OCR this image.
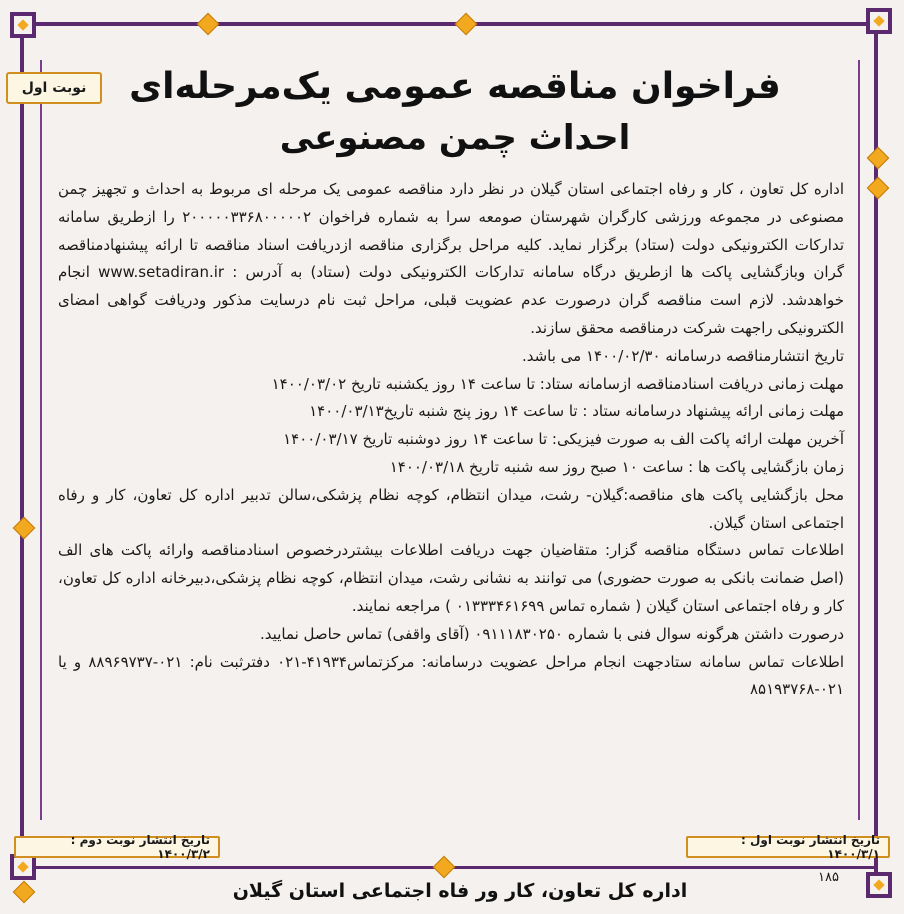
نوبت اول	فراخوان مناقصه عمومی یک‌مرحله‌ای
احداث چمن مصنوعی

اداره کل تعاون ، کار و رفاه اجتماعی استان گیلان در نظر دارد مناقصه عمومی یک مرحله ای مربوط به احداث و تجهیز چمن مصنوعی در مجموعه ورزشی کارگران شهرستان صومعه سرا به شماره فراخوان ۲۰۰۰۰۰۳۳۶۸۰۰۰۰۰۲ را ازطریق سامانه تدارکات الکترونیکی دولت (ستاد) برگزار نماید. کلیه مراحل برگزاری مناقصه ازدریافت اسناد مناقصه تا ارائه پیشنهادمناقصه گران وبازگشایی پاکت ها ازطریق درگاه سامانه تدارکات الکترونیکی دولت (ستاد) به آدرس : www.setadiran.ir انجام خواهدشد. لازم است مناقصه گران درصورت عدم عضویت قبلی، مراحل ثبت نام درسایت مذکور ودریافت گواهی امضای الکترونیکی راجهت شرکت درمناقصه محقق سازند.

تاریخ انتشارمناقصه درسامانه ۱۴۰۰/۰۲/۳۰ می باشد.

مهلت زمانی دریافت اسنادمناقصه ازسامانه ستاد: تا ساعت ۱۴ روز یکشنبه تاریخ ۱۴۰۰/۰۳/۰۲

مهلت زمانی ارائه پیشنهاد درسامانه ستاد : تا ساعت ۱۴ روز پنج شنبه تاریخ۱۴۰۰/۰۳/۱۳

آخرین مهلت ارائه پاکت الف به صورت فیزیکی: تا ساعت ۱۴ روز دوشنبه تاریخ ۱۴۰۰/۰۳/۱۷

زمان بازگشایی پاکت ها : ساعت ۱۰ صبح روز سه شنبه تاریخ ۱۴۰۰/۰۳/۱۸

محل بازگشایی پاکت های مناقصه:گیلان- رشت، میدان انتظام، کوچه نظام پزشکی،سالن تدبیر اداره کل تعاون، کار و رفاه اجتماعی استان گیلان.

اطلاعات تماس دستگاه مناقصه گزار: متقاضیان جهت دریافت اطلاعات بیشتردرخصوص اسنادمناقصه وارائه پاکت های الف (اصل ضمانت بانکی به صورت حضوری) می توانند به نشانی رشت، میدان انتظام، کوچه نظام پزشکی،دبیرخانه اداره کل تعاون، کار و رفاه اجتماعی استان گیلان ( شماره تماس ۰۱۳۳۳۴۶۱۶۹۹ ) مراجعه نمایند.

درصورت داشتن هرگونه سوال فنی با شماره ۰۹۱۱۱۸۳۰۲۵۰ (آقای واقفی) تماس حاصل نمایید.

اطلاعات تماس سامانه ستادجهت انجام مراحل عضویت درسامانه: مرکزتماس۴۱۹۳۴-۰۲۱ دفترثبت نام: ۰۲۱-۸۸۹۶۹۷۳۷ و یا ۰۲۱-۸۵۱۹۳۷۶۸

تاریخ انتشار نوبت اول : ۱۴۰۰/۳/۱
تاریخ انتشار نوبت دوم : ۱۴۰۰/۳/۲
اداره کل تعاون، کار ور فاه اجتماعی استان گیلان
۱۸۵
